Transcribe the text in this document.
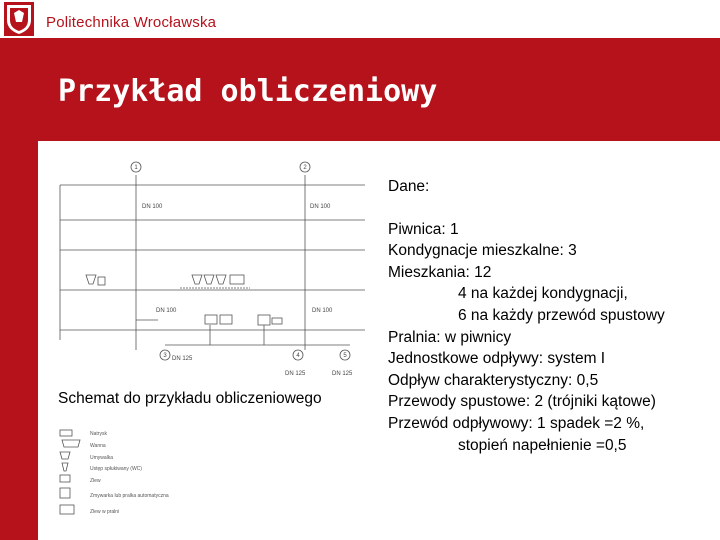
Politechnika Wrocławska
Przykład obliczeniowy
1	2
3	4	5
DN 100	DN 100
DN 100	DN 100
DN 125
DN 125	DN 125
Natrysk
Wanna
Umywalka
Ustęp spłukiwany (WC)
Zlew
Zmywarka lub pralka automatyczna
Zlew w pralni
Schemat do przykładu obliczeniowego
Dane:
Piwnica: 1
Kondygnacje mieszkalne: 3
Mieszkania: 12
4 na każdej kondygnacji,
6 na każdy przewód spustowy
Pralnia: w piwnicy
Jednostkowe odpływy: system I
Odpływ charakterystyczny: 0,5
Przewody spustowe: 2 (trójniki kątowe)
Przewód odpływowy: 1 spadek =2 %,
stopień napełnienie =0,5
